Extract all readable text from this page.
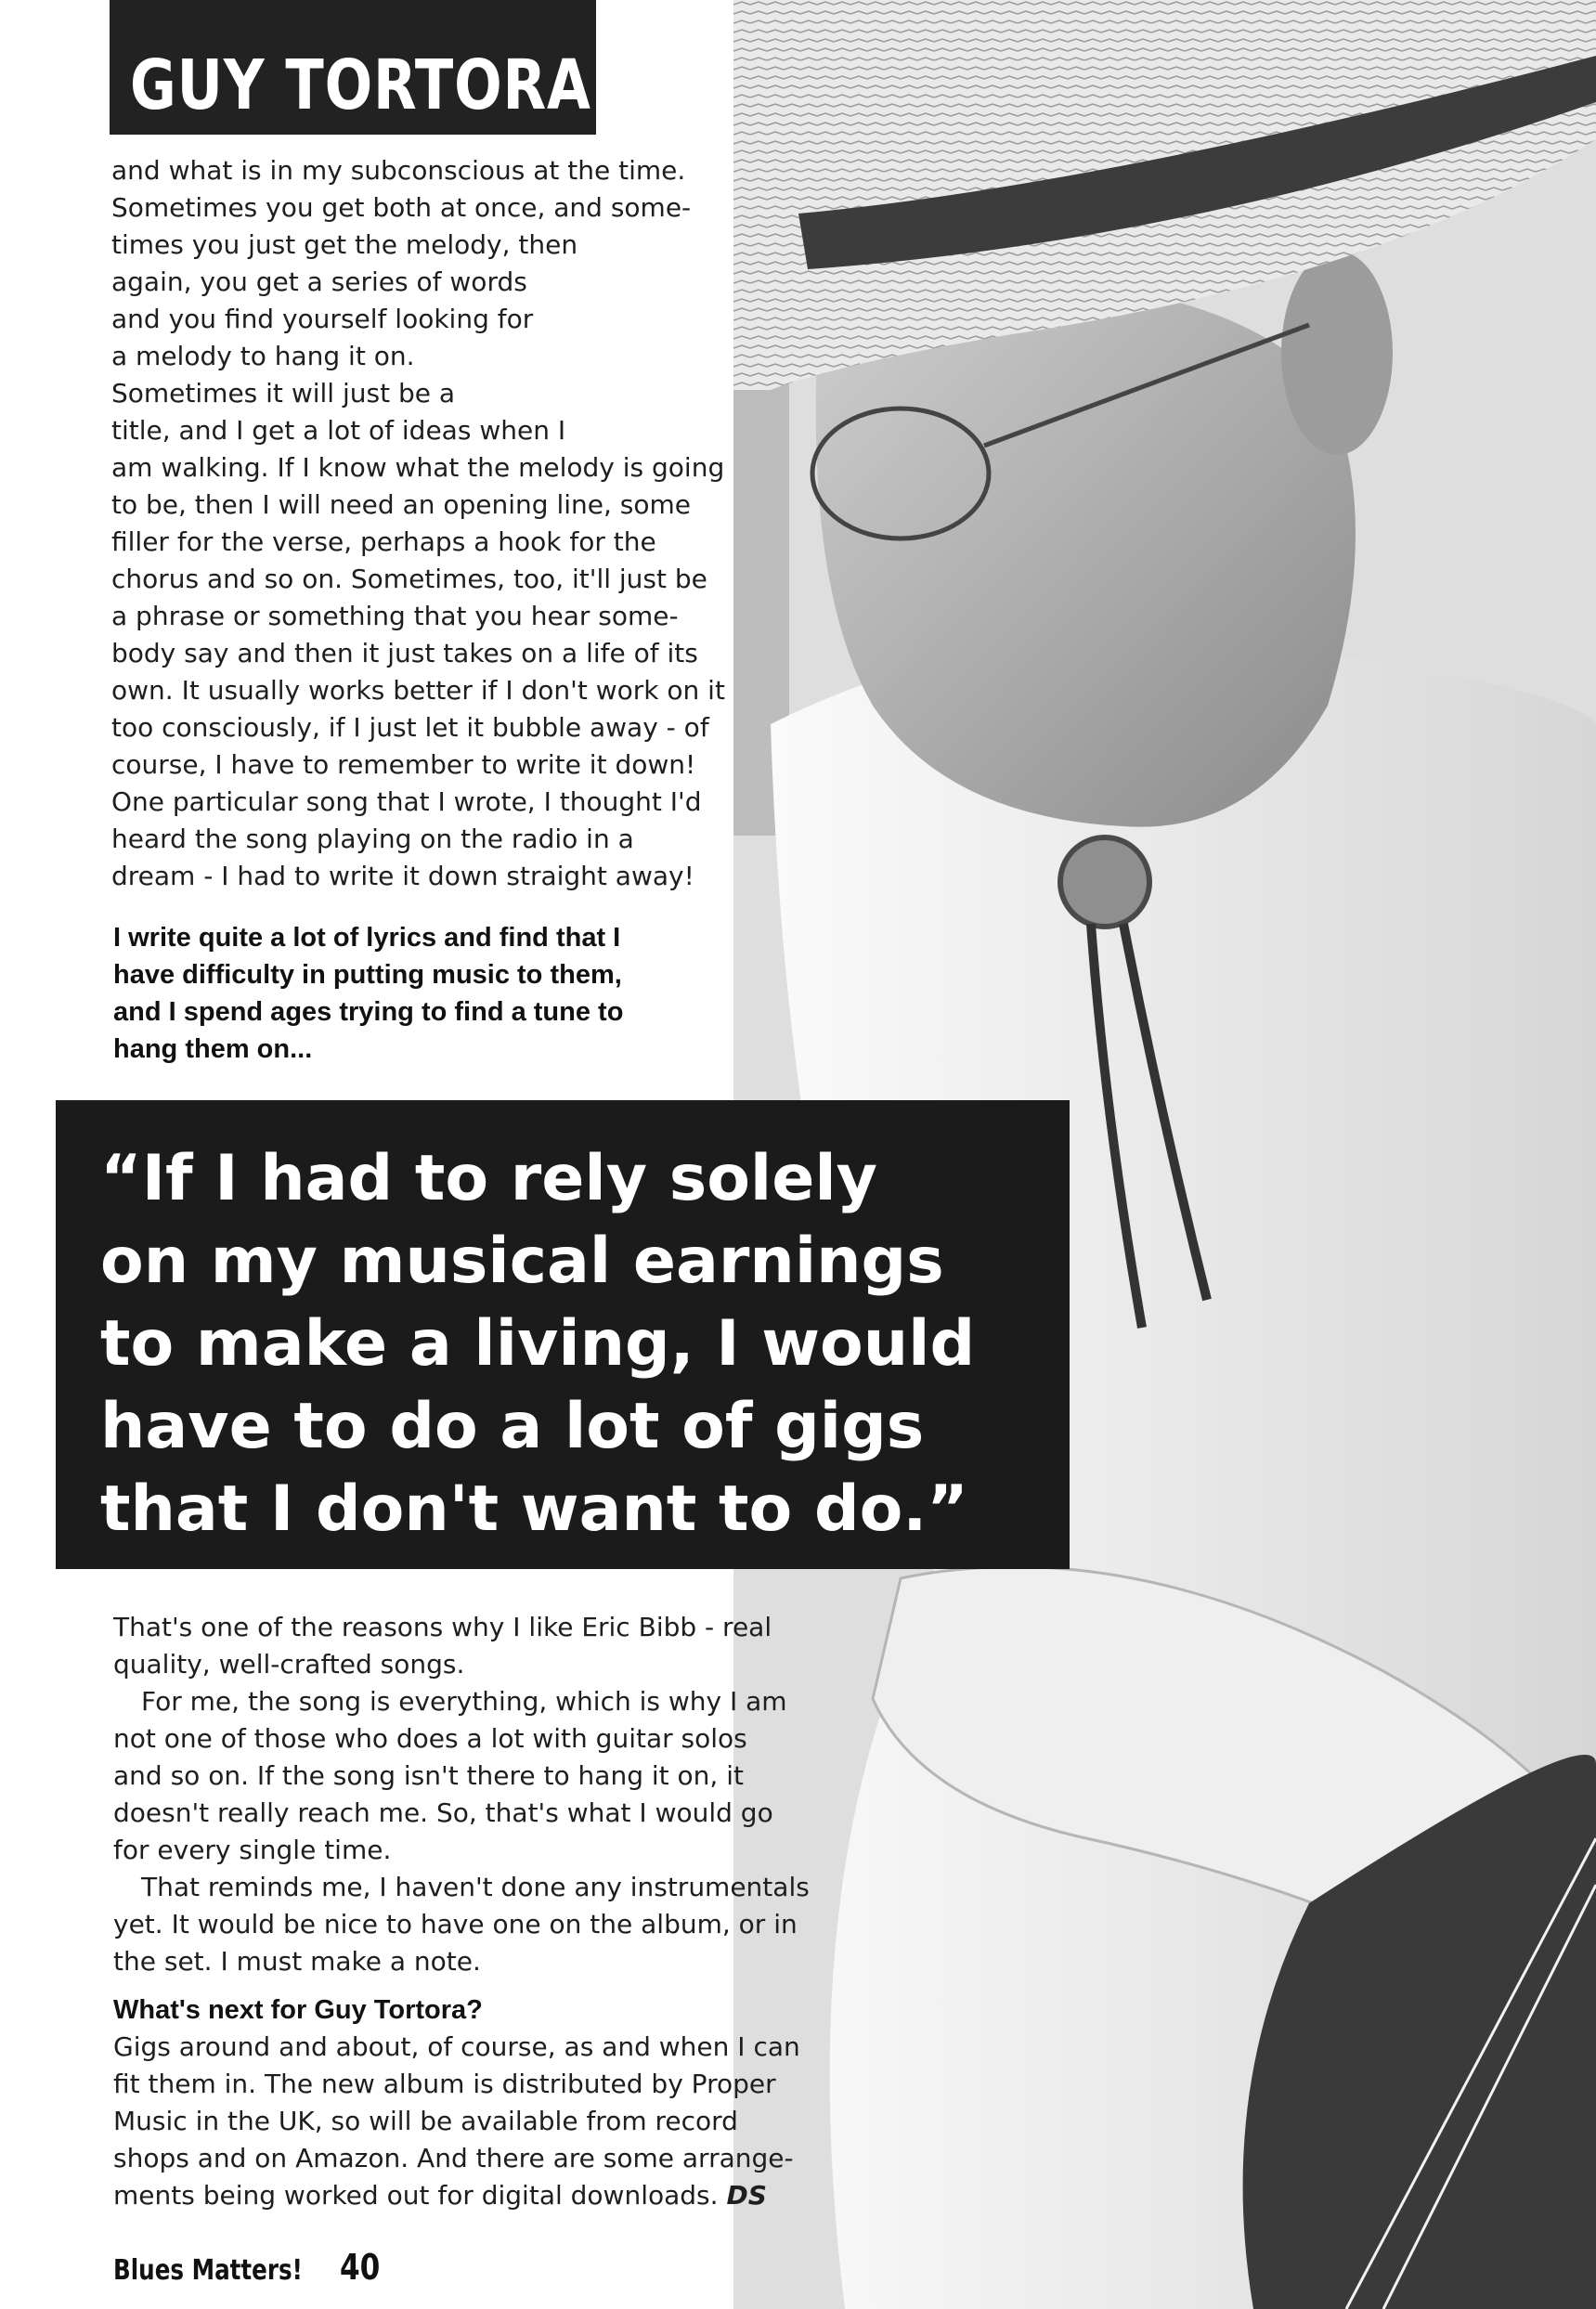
GUY TORTORA
and what is in my subconscious at the time.
Sometimes you get both at once, and some-
times you just get the melody, then
again, you get a series of words
and you find yourself looking for
a melody to hang it on.
Sometimes it will just be a
title, and I get a lot of ideas when I
am walking. If I know what the melody is going
to be, then I will need an opening line, some
filler for the verse, perhaps a hook for the
chorus and so on. Sometimes, too, it'll just be
a phrase or something that you hear some-
body say and then it just takes on a life of its
own. It usually works better if I don't work on it
too consciously, if I just let it bubble away - of
course, I have to remember to write it down!
One particular song that I wrote, I thought I'd
heard the song playing on the radio in a
dream - I had to write it down straight away!
I write quite a lot of lyrics and find that I
have difficulty in putting music to them,
and I spend ages trying to find a tune to
hang them on...
“If I had to rely solely
on my musical earnings
to make a living, I would
have to do a lot of gigs
that I don't want to do.”

That's one of the reasons why I like Eric Bibb - real
quality, well-crafted songs.

For me, the song is everything, which is why I am
not one of those who does a lot with guitar solos
and so on. If the song isn't there to hang it on, it
doesn't really reach me. So, that's what I would go
for every single time.

That reminds me, I haven't done any instrumentals
yet. It would be nice to have one on the album, or in
the set. I must make a note.

What's next for Guy Tortora?

Gigs around and about, of course, as and when I can
fit them in. The new album is distributed by Proper
Music in the UK, so will be available from record
shops and on Amazon. And there are some arrange-
ments being worked out for digital downloads. DS

Blues Matters! 40
